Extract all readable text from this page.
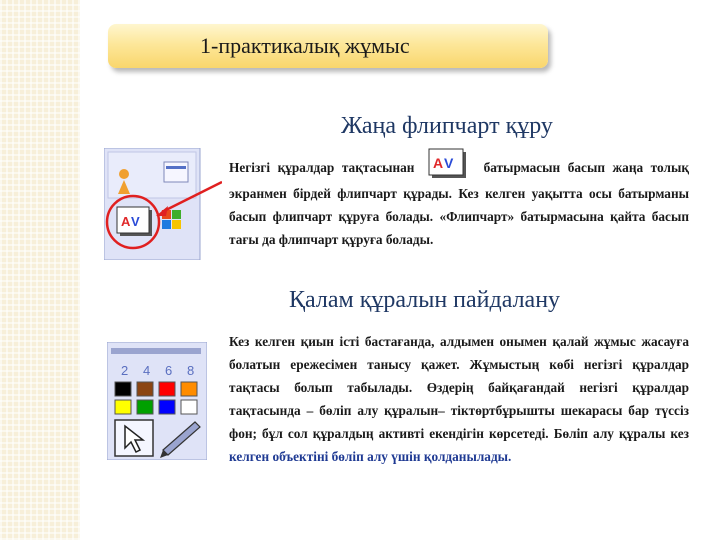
1-практикалық жұмыс
Жаңа флипчарт құру
A V
Негізгі құралдар тақтасынан A V батырмасын басып жаңа толық экранмен бірдей флипчарт құрады. Кез келген уақытта осы батырманы басып флипчарт құруға болады. «Флипчарт» батырмасына қайта басып тағы да флипчарт құруға болады.
Қалам құралын пайдалану
2 4 6 8
Кез келген қиын істі бастағанда, алдымен онымен қалай жұмыс жасауға болатын ережесімен танысу қажет. Жұмыстың көбі негізгі құралдар тақтасы болып табылады. Өздерің байқағандай негізгі құралдар тақтасында – бөліп алу құралын– тіктөртбұрышты шекарасы бар түссіз фон; бұл сол құралдың активті екендігін көрсетеді. Бөліп алу құралы кез келген объектіні бөліп алу үшін қолданылады.
